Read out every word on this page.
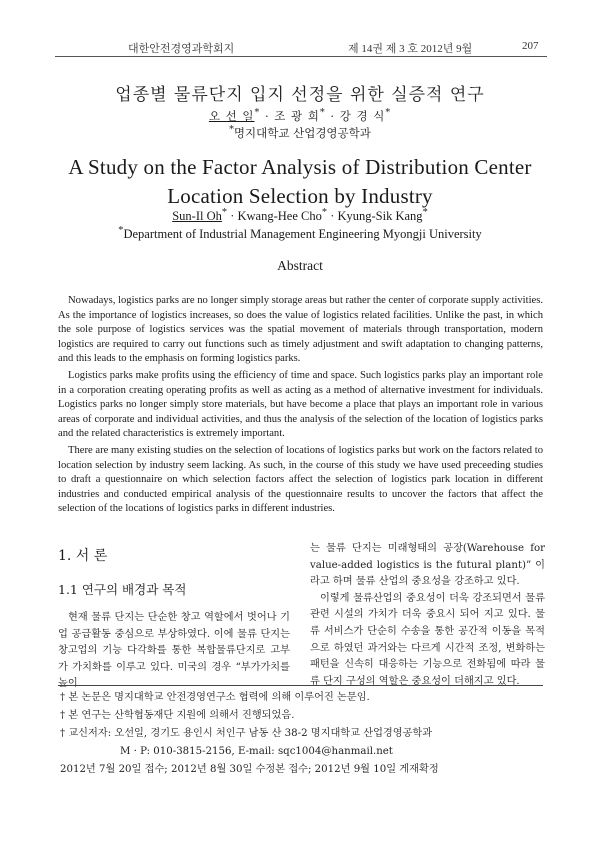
대한안전경영과학회지	제 14권 제 3 호 2012년 9월	207
업종별 물류단지 입지 선정을 위한 실증적 연구
오 선 일* · 조 광 희* · 강 경 식*
*명지대학교 산업경영공학과
A Study on the Factor Analysis of Distribution Center
Location Selection by Industry
Sun-Il Oh* · Kwang-Hee Cho* · Kyung-Sik Kang*
*Department of Industrial Management Engineering Myongji University
Abstract

Nowadays, logistics parks are no longer simply storage areas but rather the center of corporate supply activities. As the importance of logistics increases, so does the value of logistics related facilities. Unlike the past, in which the sole purpose of logistics services was the spatial movement of materials through transportation, modern logistics are required to carry out functions such as timely adjustment and swift adaptation to changing patterns, and this leads to the emphasis on forming logistics parks.

Logistics parks make profits using the efficiency of time and space. Such logistics parks play an important role in a corporation creating operating profits as well as acting as a method of alternative investment for individuals. Logistics parks no longer simply store materials, but have become a place that plays an important role in various areas of corporate and individual activities, and thus the analysis of the selection of the location of logistics parks and the related characteristics is extremely important.

There are many existing studies on the selection of locations of logistics parks but work on the factors related to location selection by industry seem lacking. As such, in the course of this study we have used preceeding studies to draft a questionnaire on which selection factors affect the selection of logistics park location in different industries and conducted empirical analysis of the questionnaire results to uncover the factors that affect the selection of the locations of logistics parks in different industries.

1. 서 론
1.1 연구의 배경과 목적

현재 물류 단지는 단순한 창고 역할에서 벗어나 기업 공급활동 중심으로 부상하였다. 이에 물류 단지는 창고업의 기능 다각화를 통한 복합물류단지로 고부가 가치화를 이루고 있다. 미국의 경우 “부가가치를 높이

는 물류 단지는 미래형태의 공장(Warehouse for value-added logistics is the futural plant)” 이라고 하며 물류 산업의 중요성을 강조하고 있다.

이렇게 물류산업의 중요성이 더욱 강조되면서 물류 관련 시설의 가치가 더욱 중요시 되어 지고 있다. 물류 서비스가 단순히 수송을 통한 공간적 이동을 목적으로 하였던 과거와는 다르게 시간적 조정, 변화하는 패턴을 신속히 대응하는 기능으로 전화됨에 따라 물류 단지 구성의 역할은 중요성이 더해지고 있다.

† 본 논문은 명지대학교 안전경영연구소 협력에 의해 이루어진 논문임.
† 본 연구는 산학협동재단 지원에 의해서 진행되었음.
† 교신저자: 오선일, 경기도 용인시 처인구 남동 산 38-2 명지대학교 산업경영공학과
M · P: 010-3815-2156, E-mail: sqc1004@hanmail.net
2012년 7월 20일 접수; 2012년 8월 30일 수정본 접수; 2012년 9월 10일 게재확정
